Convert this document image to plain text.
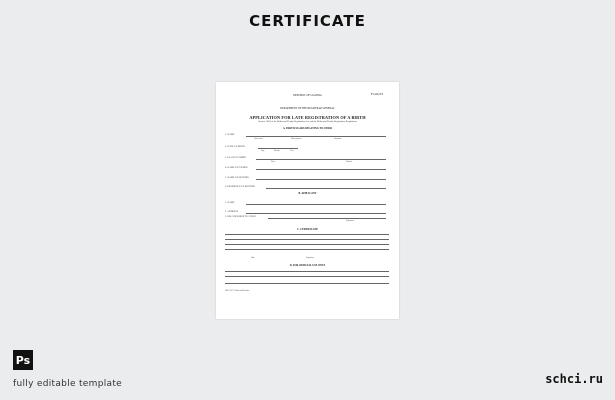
CERTIFICATE
Form 03
REPUBLIC OF UGANDA
DEPARTMENT OF THE REGISTRAR GENERAL
APPLICATION FOR LATE REGISTRATION OF A BIRTH
Section 16(3) of the Births and Deaths Registration Act and the Births and Deaths Registration Regulations
A. PARTICULARS RELATING TO CHILD
1. NAME
First name	Other names	Surname
2. DATE OF BIRTH
Day	Month	Year
3. PLACE OF BIRTH
Place	District
4. NAME OF FATHER
5. NAME OF MOTHER
6. RESIDENCE OF MOTHER
B. APPLICANT
1. NAME
2. ADDRESS
3. RELATIONSHIP TO CHILD
Signature
C. CERTIFICATE
Date	Signature
D. FOR OFFICIAL USE ONLY
ORC 007 / Births and Deaths
Ps
fully editable template	schci.ru
